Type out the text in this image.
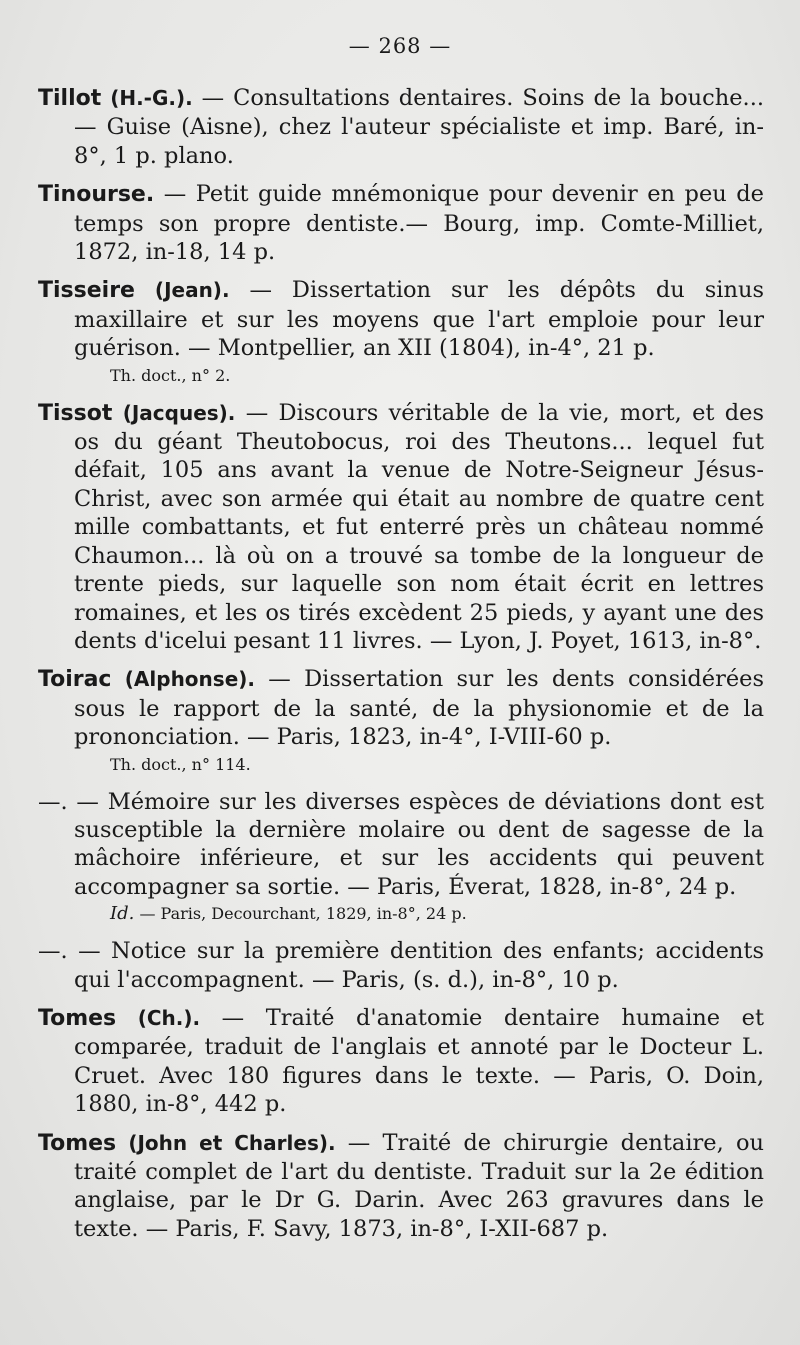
— 268 —
Tillot (H.-G.). — Consultations dentaires. Soins de la bouche... — Guise (Aisne), chez l'auteur spécialiste et imp. Baré, in-8°, 1 p. plano.
Tinourse. — Petit guide mnémonique pour devenir en peu de temps son propre dentiste.— Bourg, imp. Comte-Milliet, 1872, in-18, 14 p.
Tisseire (Jean). — Dissertation sur les dépôts du sinus maxillaire et sur les moyens que l'art emploie pour leur guérison. — Montpellier, an XII (1804), in-4°, 21 p.
Th. doct., n° 2.
Tissot (Jacques). — Discours véritable de la vie, mort, et des os du géant Theutobocus, roi des Theutons... lequel fut défait, 105 ans avant la venue de Notre-Seigneur Jésus-Christ, avec son armée qui était au nombre de quatre cent mille combattants, et fut enterré près un château nommé Chaumon... là où on a trouvé sa tombe de la longueur de trente pieds, sur laquelle son nom était écrit en lettres romaines, et les os tirés excèdent 25 pieds, y ayant une des dents d'icelui pesant 11 livres. — Lyon, J. Poyet, 1613, in-8°.
Toirac (Alphonse). — Dissertation sur les dents considérées sous le rapport de la santé, de la physionomie et de la prononciation. — Paris, 1823, in-4°, I-VIII-60 p.
Th. doct., n° 114.
—. — Mémoire sur les diverses espèces de déviations dont est susceptible la dernière molaire ou dent de sagesse de la mâchoire inférieure, et sur les accidents qui peuvent accompagner sa sortie. — Paris, Éverat, 1828, in-8°, 24 p.
Id. — Paris, Decourchant, 1829, in-8°, 24 p.
—. — Notice sur la première dentition des enfants; accidents qui l'accompagnent. — Paris, (s. d.), in-8°, 10 p.
Tomes (Ch.). — Traité d'anatomie dentaire humaine et comparée, traduit de l'anglais et annoté par le Docteur L. Cruet. Avec 180 figures dans le texte. — Paris, O. Doin, 1880, in-8°, 442 p.
Tomes (John et Charles). — Traité de chirurgie dentaire, ou traité complet de l'art du dentiste. Traduit sur la 2e édition anglaise, par le Dr G. Darin. Avec 263 gravures dans le texte. — Paris, F. Savy, 1873, in-8°, I-XII-687 p.
